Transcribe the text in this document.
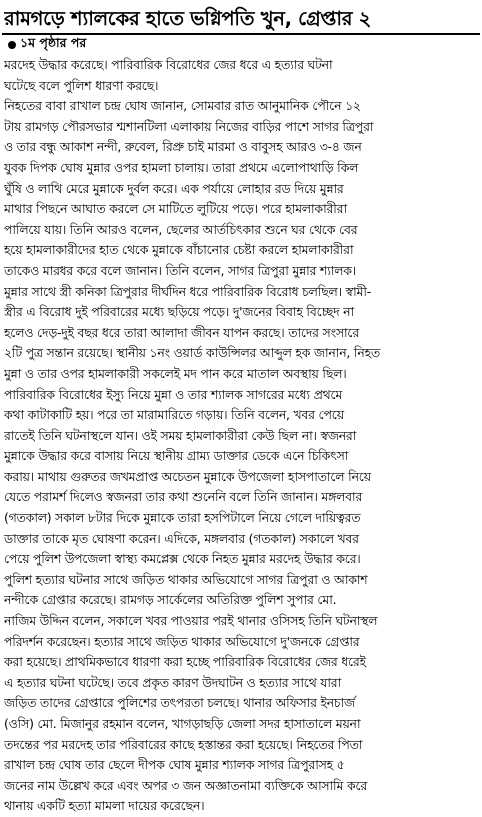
রামগড়ে শ্যালকের হাতে ভগ্নিপতি খুন, গ্রেপ্তার ২
১ম পৃষ্ঠার পর
মরদেহ উদ্ধার করেছে। পারিবারিক বিরোধের জের ধরে এ হত্যার ঘটনা
ঘটেছে বলে পুলিশ ধারণা করছে।
নিহতের বাবা রাখাল চন্দ্র ঘোষ জানান, সোমবার রাত আনুমানিক পৌনে ১২
টায় রামগড় পৌরসভার শ্মশানটিলা এলাকায় নিজের বাড়ির পাশে সাগর ত্রিপুরা
ও তার বন্ধু আকাশ নন্দী, রুবেল, রিপ্রু চাই মারমা ও বাবুসহ আরও ৩-৪ জন
যুবক দিপক ঘোষ মুন্নার ওপর হামলা চালায়। তারা প্রথমে এলোপাথাড়ি কিল
ঘুঁষি ও লাথি মেরে মুন্নাকে দুর্বল করে। এক পর্যায়ে লোহার রড দিয়ে মুন্নার
মাথার পিছনে আঘাত করলে সে মাটিতে লুটিয়ে পড়ে। পরে হামলাকারীরা
পালিয়ে যায়। তিনি আরও বলেন, ছেলের আর্তচিৎকার শুনে ঘর থেকে বের
হয়ে হামলাকারীদের হাত থেকে মুন্নাকে বাঁচানোর চেষ্টা করলে হামলাকারীরা
তাকেও মারধর করে বলে জানান। তিনি বলেন, সাগর ত্রিপুরা মুন্নার শ্যালক।
মুন্নার সাথে স্ত্রী কনিকা ত্রিপুরার দীর্ঘদিন ধরে পারিবারিক বিরোধ চলছিল। স্বামী-
স্ত্রীর এ বিরোধ দুই পরিবারের মধ্যে ছড়িয়ে পড়ে। দু'জনের বিবাহ বিচ্ছেদ না
হলেও দেড়-দুই বছর ধরে তারা আলাদা জীবন যাপন করছে। তাদের সংসারে
২টি পুত্র সন্তান রয়েছে। স্থানীয় ১নং ওয়ার্ড কাউন্সিলর আব্দুল হক জানান, নিহত
মুন্না ও তার ওপর হামলাকারী সকলেই মদ পান করে মাতাল অবস্থায় ছিল।
পারিবারিক বিরোধের ইস্যু নিয়ে মুন্না ও তার শ্যালক সাগরের মধ্যে প্রথমে
কথা কাটাকাটি হয়। পরে তা মারামারিতে গড়ায়। তিনি বলেন, খবর পেয়ে
রাতেই তিনি ঘটনাস্থলে যান। ওই সময় হামলাকারীরা কেউ ছিল না। স্বজনরা
মুন্নাকে উদ্ধার করে বাসায় নিয়ে স্থানীয় গ্রাম্য ডাক্তার ডেকে এনে চিকিৎসা
করায়। মাথায় গুরুতর জখমপ্রাপ্ত অচেতন মুন্নাকে উপজেলা হাসপাতালে নিয়ে
যেতে পরামর্শ দিলেও স্বজনরা তার কথা শুনেনি বলে তিনি জানান। মঙ্গলবার
(গতকাল) সকাল ৮টার দিকে মুন্নাকে তারা হসপিটালে নিয়ে গেলে দায়িত্বরত
ডাক্তার তাকে মৃত ঘোষণা করেন। এদিকে, মঙ্গলবার (গতকাল) সকালে খবর
পেয়ে পুলিশ উপজেলা স্বাস্থ্য কমপ্লেক্স থেকে নিহত মুন্নার মরদেহ উদ্ধার করে।
পুলিশ হত্যার ঘটনার সাথে জড়িত থাকার অভিযোগে সাগর ত্রিপুরা ও আকাশ
নন্দীকে গ্রেপ্তার করেছে। রামগড় সার্কেলের অতিরিক্ত পুলিশ সুপার মো.
নাজিম উদ্দিন বলেন, সকালে খবর পাওয়ার পরই থানার ওসিসহ তিনি ঘটনাস্থল
পরিদর্শন করেছেন। হত্যার সাথে জড়িত থাকার অভিযোগে দু'জনকে গ্রেপ্তার
করা হয়েছে। প্রাথমিকভাবে ধারণা করা হচ্ছে পারিবারিক বিরোধের জের ধরেই
এ হত্যার ঘটনা ঘটেছে। তবে প্রকৃত কারণ উদঘাটন ও হত্যার সাথে যারা
জড়িত তাদের গ্রেপ্তারে পুলিশের তৎপরতা চলছে। থানার অফিসার ইনচার্জ
(ওসি) মো. মিজানুর রহমান বলেন, খাগড়াছড়ি জেলা সদর হাসাতালে ময়না
তদন্তের পর মরদেহ তার পরিবারের কাছে হস্তান্তর করা হয়েছে। নিহতের পিতা
রাখাল চন্দ্র ঘোষ তার ছেলে দীপক ঘোষ মুন্নার শ্যালক সাগর ত্রিপুরাসহ ৫
জনের নাম উল্লেখ করে এবং অপর ৩ জন অজ্ঞাতনামা ব্যক্তিকে আসামি করে
থানায় একটি হত্যা মামলা দায়ের করেছেন।
